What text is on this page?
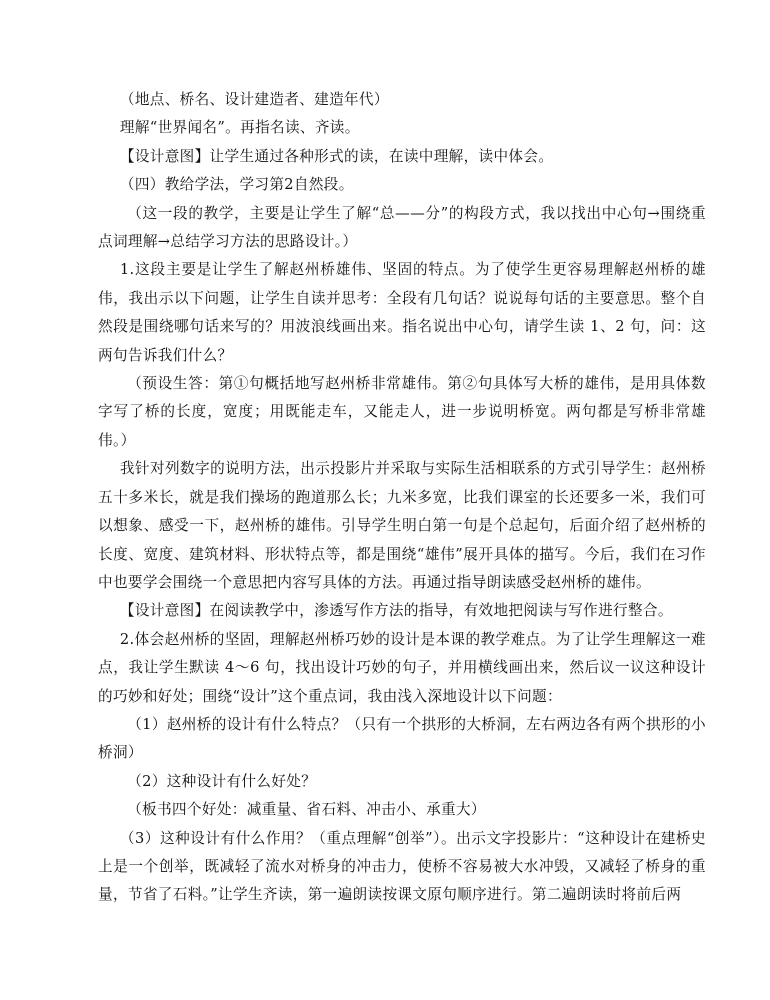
（地点、桥名、设计建造者、建造年代）

理解“世界闻名”。再指名读、齐读。

【设计意图】让学生通过各种形式的读，在读中理解，读中体会。

（四）教给学法，学习第2自然段。

（这一段的教学，主要是让学生了解“总——分”的构段方式，我以找出中心句→围绕重点词理解→总结学习方法的思路设计。）

1.这段主要是让学生了解赵州桥雄伟、坚固的特点。为了使学生更容易理解赵州桥的雄伟，我出示以下问题，让学生自读并思考：全段有几句话？说说每句话的主要意思。整个自然段是围绕哪句话来写的？用波浪线画出来。指名说出中心句，请学生读 1、2 句，问：这两句告诉我们什么？

（预设生答：第①句概括地写赵州桥非常雄伟。第②句具体写大桥的雄伟，是用具体数字写了桥的长度，宽度；用既能走车，又能走人，进一步说明桥宽。两句都是写桥非常雄伟。）

我针对列数字的说明方法，出示投影片并采取与实际生活相联系的方式引导学生：赵州桥五十多米长，就是我们操场的跑道那么长；九米多宽，比我们课室的长还要多一米，我们可以想象、感受一下，赵州桥的雄伟。引导学生明白第一句是个总起句，后面介绍了赵州桥的长度、宽度、建筑材料、形状特点等，都是围绕“雄伟”展开具体的描写。今后，我们在习作中也要学会围绕一个意思把内容写具体的方法。再通过指导朗读感受赵州桥的雄伟。

【设计意图】在阅读教学中，渗透写作方法的指导，有效地把阅读与写作进行整合。

2.体会赵州桥的坚固，理解赵州桥巧妙的设计是本课的教学难点。为了让学生理解这一难点，我让学生默读 4～6 句，找出设计巧妙的句子，并用横线画出来，然后议一议这种设计的巧妙和好处；围绕“设计”这个重点词，我由浅入深地设计以下问题：

（1）赵州桥的设计有什么特点？（只有一个拱形的大桥洞，左右两边各有两个拱形的小桥洞）

（2）这种设计有什么好处？

（板书四个好处：减重量、省石料、冲击小、承重大）

（3）这种设计有什么作用？（重点理解“创举”）。出示文字投影片：“这种设计在建桥史上是一个创举，既减轻了流水对桥身的冲击力，使桥不容易被大水冲毁，又减轻了桥身的重量，节省了石料。”让学生齐读，第一遍朗读按课文原句顺序进行。第二遍朗读时将前后两
